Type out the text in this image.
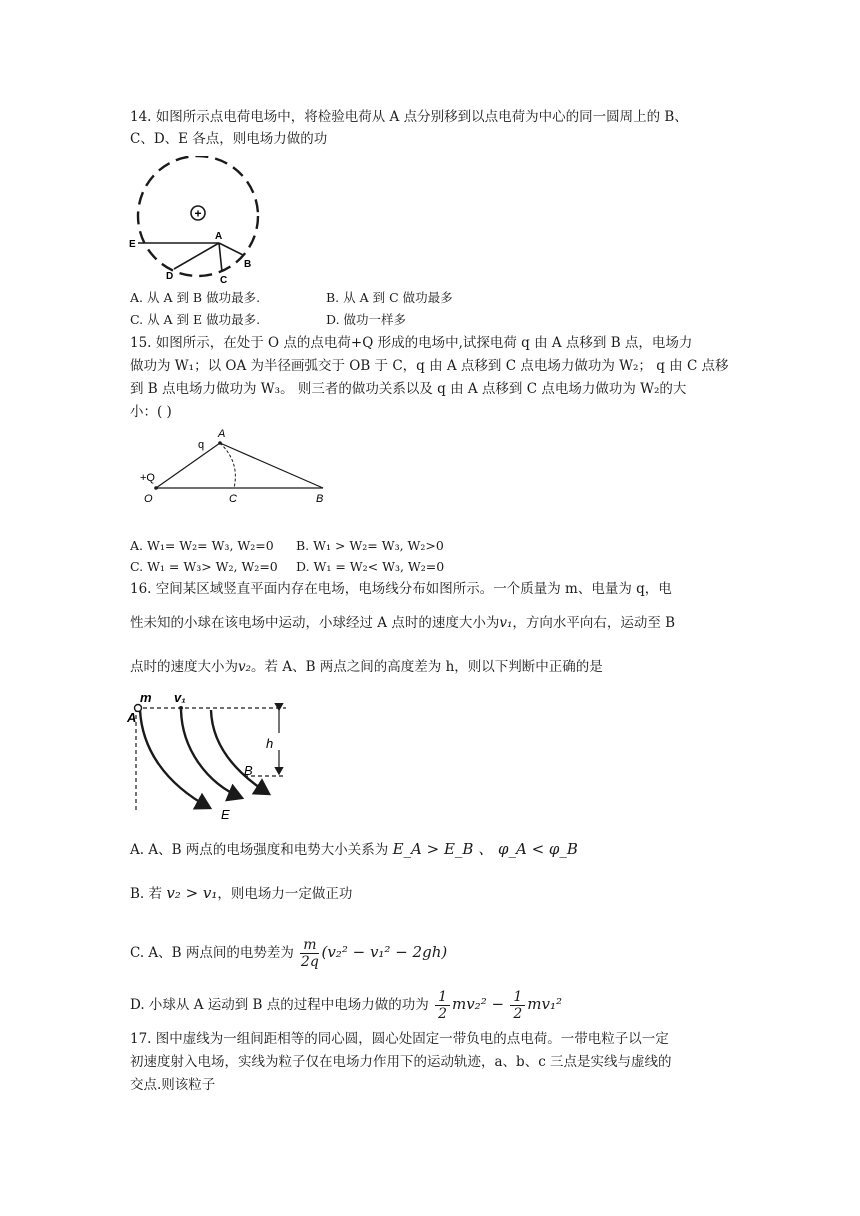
14. 如图所示点电荷电场中，将检验电荷从 A 点分别移到以点电荷为中心的同一圆周上的 B、
C、D、E 各点，则电场力做的功
+
A
B
C
D
E
A. 从 A 到 B 做功最多.	B. 从 A 到 C 做功最多
C. 从 A 到 E 做功最多.	D. 做功一样多
15. 如图所示，在处于 O 点的点电荷+Q 形成的电场中,试探电荷 q 由 A 点移到 B 点，电场力
做功为 W₁；以 OA 为半径画弧交于 OB 于 C，q 由 A 点移到 C 点电场力做功为 W₂； q 由 C 点移
到 B 点电场力做功为 W₃。 则三者的做功关系以及 q 由 A 点移到 C 点电场力做功为 W₂的大
小：( )
q
A
+Q
O	C	B
A. W₁= W₂= W₃, W₂=0 B. W₁ > W₂= W₃, W₂>0
C. W₁ = W₃> W₂, W₂=0 D. W₁ = W₂< W₃, W₂=0
16. 空间某区域竖直平面内存在电场，电场线分布如图所示。一个质量为 m、电量为 q，电
性未知的小球在该电场中运动，小球经过 A 点时的速度大小为v₁，方向水平向右，运动至 B
点时的速度大小为v₂。若 A、B 两点之间的高度差为 h，则以下判断中正确的是
m v₁
A
B
h
E
A. A、B 两点的电场强度和电势大小关系为 E_A > E_B 、 φ_A < φ_B
B. 若 v₂ > v₁，则电场力一定做正功
C. A、B 两点间的电势差为 $\frac{m}{2q} (v_2^2 - v_1^2 - 2gh)$
D. 小球从 A 运动到 B 点的过程中电场力做的功为 $\frac{1}{2} mv_2^2 - \frac{1}{2} mv_1^2$
17. 图中虚线为一组间距相等的同心圆，圆心处固定一带负电的点电荷。一带电粒子以一定
初速度射入电场，实线为粒子仅在电场力作用下的运动轨迹，a、b、c 三点是实线与虚线的
交点.则该粒子
